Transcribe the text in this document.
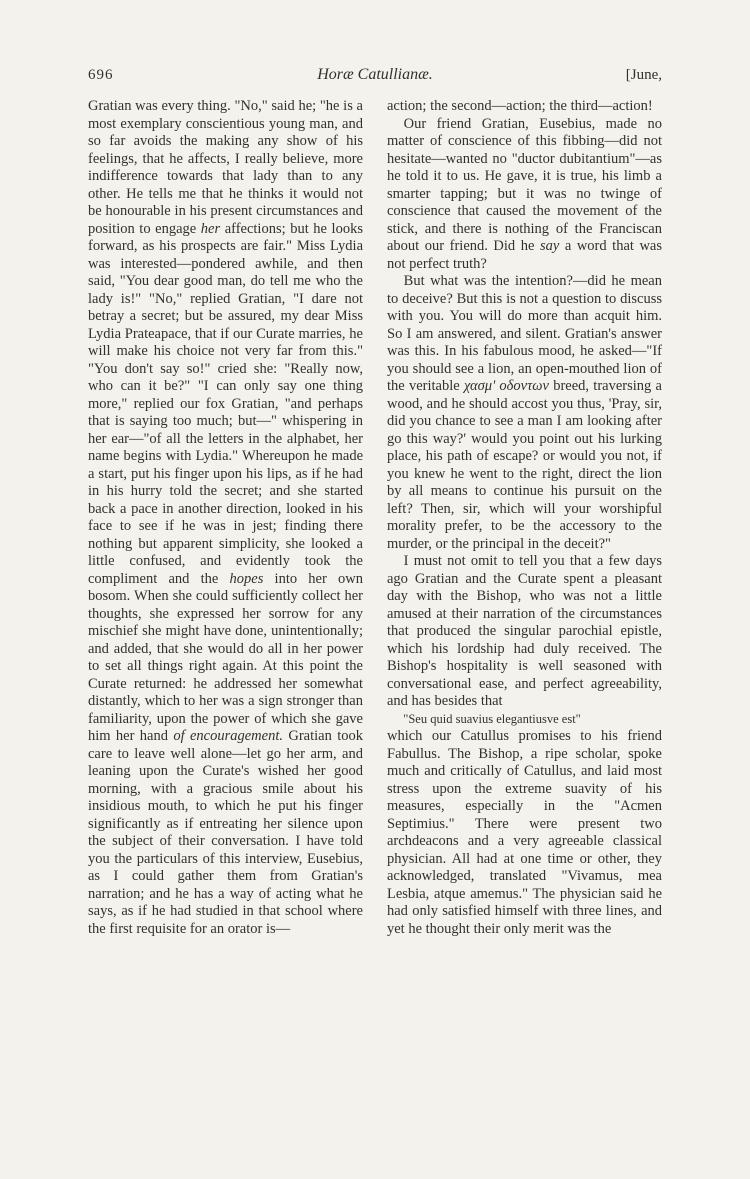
696	Horæ Catullianæ.	[June,

Gratian was every thing. "No," said he; "he is a most exemplary conscientious young man, and so far avoids the making any show of his feelings, that he affects, I really believe, more indifference towards that lady than to any other. He tells me that he thinks it would not be honourable in his present circumstances and position to engage her affections; but he looks forward, as his prospects are fair." Miss Lydia was interested—pondered awhile, and then said, "You dear good man, do tell me who the lady is!" "No," replied Gratian, "I dare not betray a secret; but be assured, my dear Miss Lydia Prateapace, that if our Curate marries, he will make his choice not very far from this." "You don't say so!" cried she: "Really now, who can it be?" "I can only say one thing more," replied our fox Gratian, "and perhaps that is saying too much; but—" whispering in her ear—"of all the letters in the alphabet, her name begins with Lydia." Whereupon he made a start, put his finger upon his lips, as if he had in his hurry told the secret; and she started back a pace in another direction, looked in his face to see if he was in jest; finding there nothing but apparent simplicity, she looked a little confused, and evidently took the compliment and the hopes into her own bosom. When she could sufficiently collect her thoughts, she expressed her sorrow for any mischief she might have done, unintentionally; and added, that she would do all in her power to set all things right again. At this point the Curate returned: he addressed her somewhat distantly, which to her was a sign stronger than familiarity, upon the power of which she gave him her hand of encouragement. Gratian took care to leave well alone—let go her arm, and leaning upon the Curate's wished her good morning, with a gracious smile about his insidious mouth, to which he put his finger significantly as if entreating her silence upon the subject of their conversation. I have told you the particulars of this interview, Eusebius, as I could gather them from Gratian's narration; and he has a way of acting what he says, as if he had studied in that school where the first requisite for an orator is—

action; the second—action; the third—action!

Our friend Gratian, Eusebius, made no matter of conscience of this fibbing—did not hesitate—wanted no "ductor dubitantium"—as he told it to us. He gave, it is true, his limb a smarter tapping; but it was no twinge of conscience that caused the movement of the stick, and there is nothing of the Franciscan about our friend. Did he say a word that was not perfect truth?

But what was the intention?—did he mean to deceive? But this is not a question to discuss with you. You will do more than acquit him. So I am answered, and silent. Gratian's answer was this. In his fabulous mood, he asked—"If you should see a lion, an open-mouthed lion of the veritable χασμ' οδοντων breed, traversing a wood, and he should accost you thus, 'Pray, sir, did you chance to see a man I am looking after go this way?' would you point out his lurking place, his path of escape? or would you not, if you knew he went to the right, direct the lion by all means to continue his pursuit on the left? Then, sir, which will your worshipful morality prefer, to be the accessory to the murder, or the principal in the deceit?"

I must not omit to tell you that a few days ago Gratian and the Curate spent a pleasant day with the Bishop, who was not a little amused at their narration of the circumstances that produced the singular parochial epistle, which his lordship had duly received. The Bishop's hospitality is well seasoned with conversational ease, and perfect agreeability, and has besides that

"Seu quid suavius elegantiusve est"

which our Catullus promises to his friend Fabullus. The Bishop, a ripe scholar, spoke much and critically of Catullus, and laid most stress upon the extreme suavity of his measures, especially in the "Acmen Septimius." There were present two archdeacons and a very agreeable classical physician. All had at one time or other, they acknowledged, translated "Vivamus, mea Lesbia, atque amemus." The physician said he had only satisfied himself with three lines, and yet he thought their only merit was the
